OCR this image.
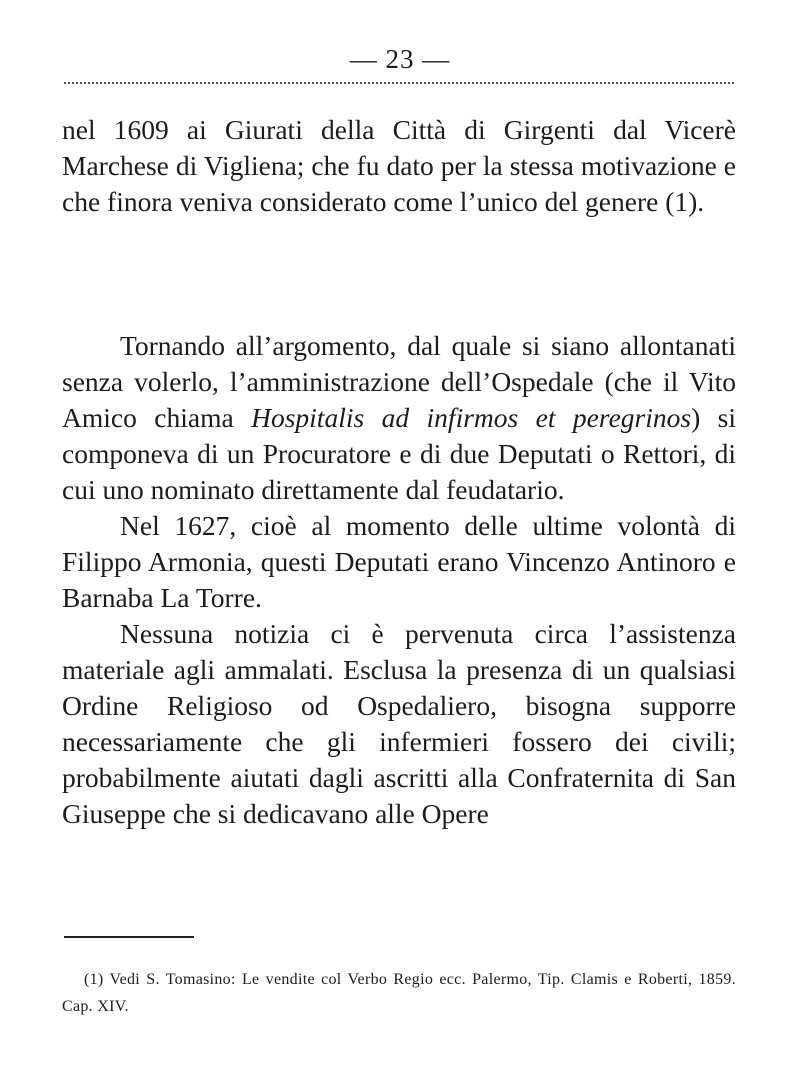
— 23 —

nel 1609 ai Giurati della Città di Girgenti dal Vicerè Marchese di Vigliena; che fu dato per la stessa motivazione e che finora veniva considerato come l’unico del genere (1).

Tornando all’argomento, dal quale si siano allontanati senza volerlo, l’amministrazione dell’Ospedale (che il Vito Amico chiama Hospitalis ad infirmos et peregrinos) si componeva di un Procuratore e di due Deputati o Rettori, di cui uno nominato direttamente dal feudatario.

Nel 1627, cioè al momento delle ultime volontà di Filippo Armonia, questi Deputati erano Vincenzo Antinoro e Barnaba La Torre.

Nessuna notizia ci è pervenuta circa l’assistenza materiale agli ammalati. Esclusa la presenza di un qualsiasi Ordine Religioso od Ospedaliero, bisogna supporre necessariamente che gli infermieri fossero dei civili; probabilmente aiutati dagli ascritti alla Confraternita di San Giuseppe che si dedicavano alle Opere

(1) Vedi S. Tomasino: Le vendite col Verbo Regio ecc. Palermo, Tip. Clamis e Roberti, 1859. Cap. XIV.
